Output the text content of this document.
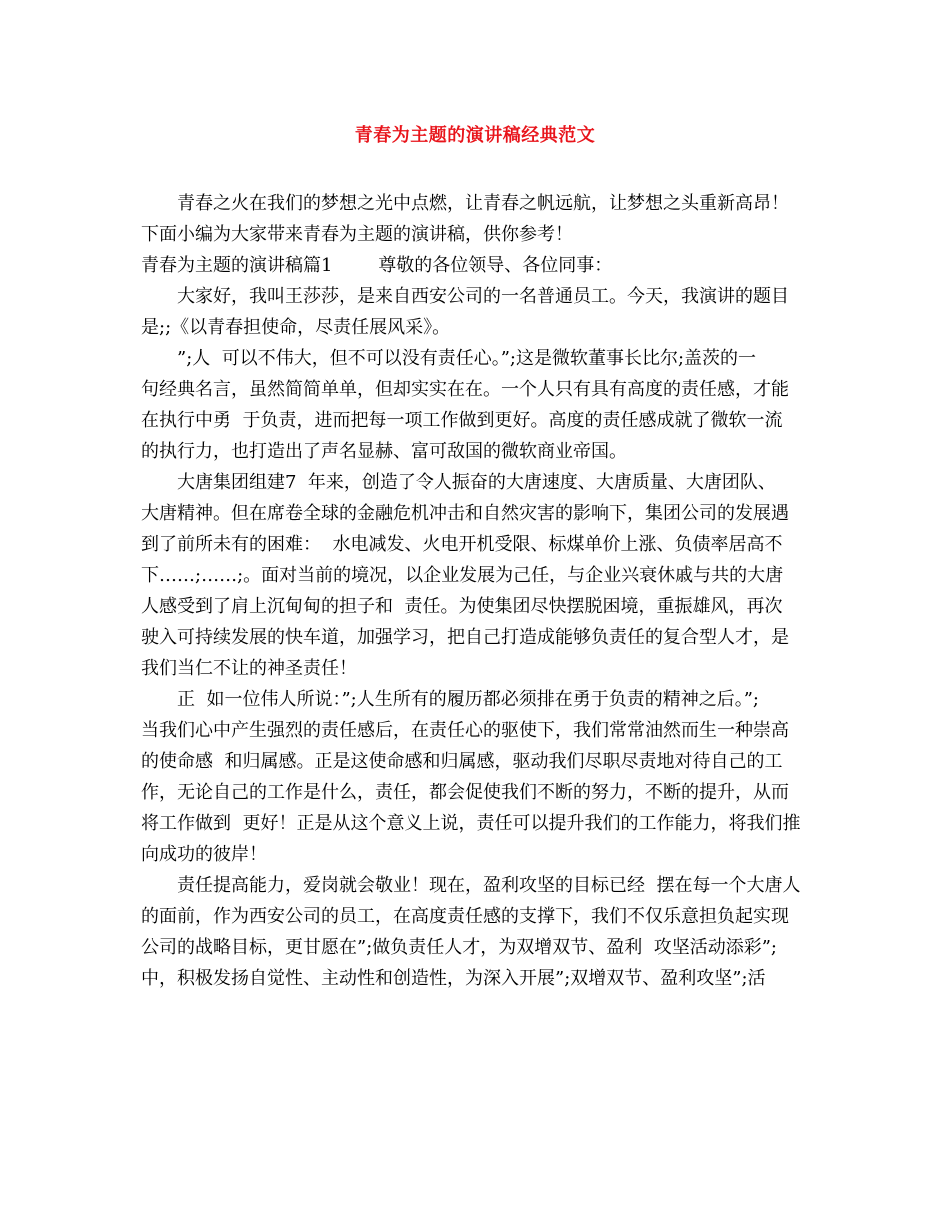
青春为主题的演讲稿经典范文
青春之火在我们的梦想之光中点燃，让青春之帆远航，让梦想之头重新高昂！
下面小编为大家带来青春为主题的演讲稿，供你参考！
青春为主题的演讲稿篇1        尊敬的各位领导、各位同事：
大家好，我叫王莎莎，是来自西安公司的一名普通员工。今天，我演讲的题目
是;;《以青春担使命，尽责任展风采》。
”;人  可以不伟大，但不可以没有责任心。”;这是微软董事长比尔;盖茨的一
句经典名言，虽然简简单单，但却实实在在。一个人只有具有高度的责任感，才能
在执行中勇  于负责，进而把每一项工作做到更好。高度的责任感成就了微软一流
的执行力，也打造出了声名显赫、富可敌国的微软商业帝国。
大唐集团组建7  年来，创造了令人振奋的大唐速度、大唐质量、大唐团队、
大唐精神。但在席卷全球的金融危机冲击和自然灾害的影响下，集团公司的发展遇
到了前所未有的困难：  水电减发、火电开机受限、标煤单价上涨、负债率居高不
下……;……;。面对当前的境况，以企业发展为己任，与企业兴衰休戚与共的大唐
人感受到了肩上沉甸甸的担子和  责任。为使集团尽快摆脱困境，重振雄风，再次
驶入可持续发展的快车道，加强学习，把自己打造成能够负责任的复合型人才，是
我们当仁不让的神圣责任！
正  如一位伟人所说：”;人生所有的履历都必须排在勇于负责的精神之后。”;
当我们心中产生强烈的责任感后，在责任心的驱使下，我们常常油然而生一种崇高
的使命感  和归属感。正是这使命感和归属感，驱动我们尽职尽责地对待自己的工
作，无论自己的工作是什么，责任，都会促使我们不断的努力，不断的提升，从而
将工作做到  更好！正是从这个意义上说，责任可以提升我们的工作能力，将我们推
向成功的彼岸！
责任提高能力，爱岗就会敬业！现在，盈利攻坚的目标已经  摆在每一个大唐人
的面前，作为西安公司的员工，在高度责任感的支撑下，我们不仅乐意担负起实现
公司的战略目标，更甘愿在”;做负责任人才，为双增双节、盈利  攻坚活动添彩”;
中，积极发扬自觉性、主动性和创造性，为深入开展”;双增双节、盈利攻坚”;活
